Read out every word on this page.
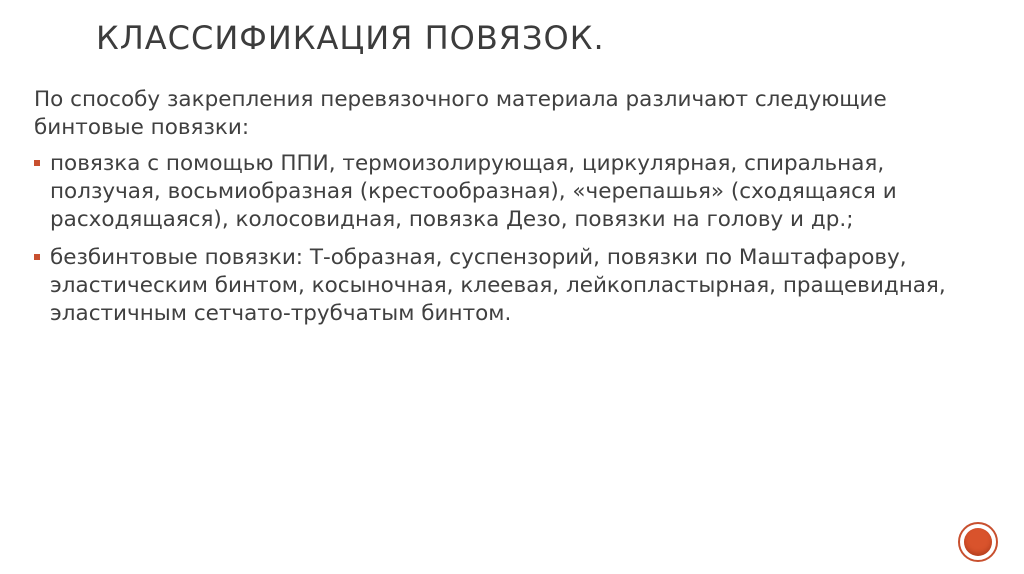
КЛАССИФИКАЦИЯ ПОВЯЗОК.

По способу закрепления перевязочного материала различают следующие бинтовые повязки:

повязка с помощью ППИ, термоизолирующая, циркулярная, спиральная, ползучая, восьмиобразная (крестообразная), «черепашья» (сходящаяся и расходящаяся), колосовидная, повязка Дезо, повязки на голову и др.;
безбинтовые повязки: Т-образная, суспензорий, повязки по Маштафарову, эластическим бинтом, косыночная, клеевая, лейкопластырная, пращевидная, эластичным сетчато-трубчатым бинтом.
